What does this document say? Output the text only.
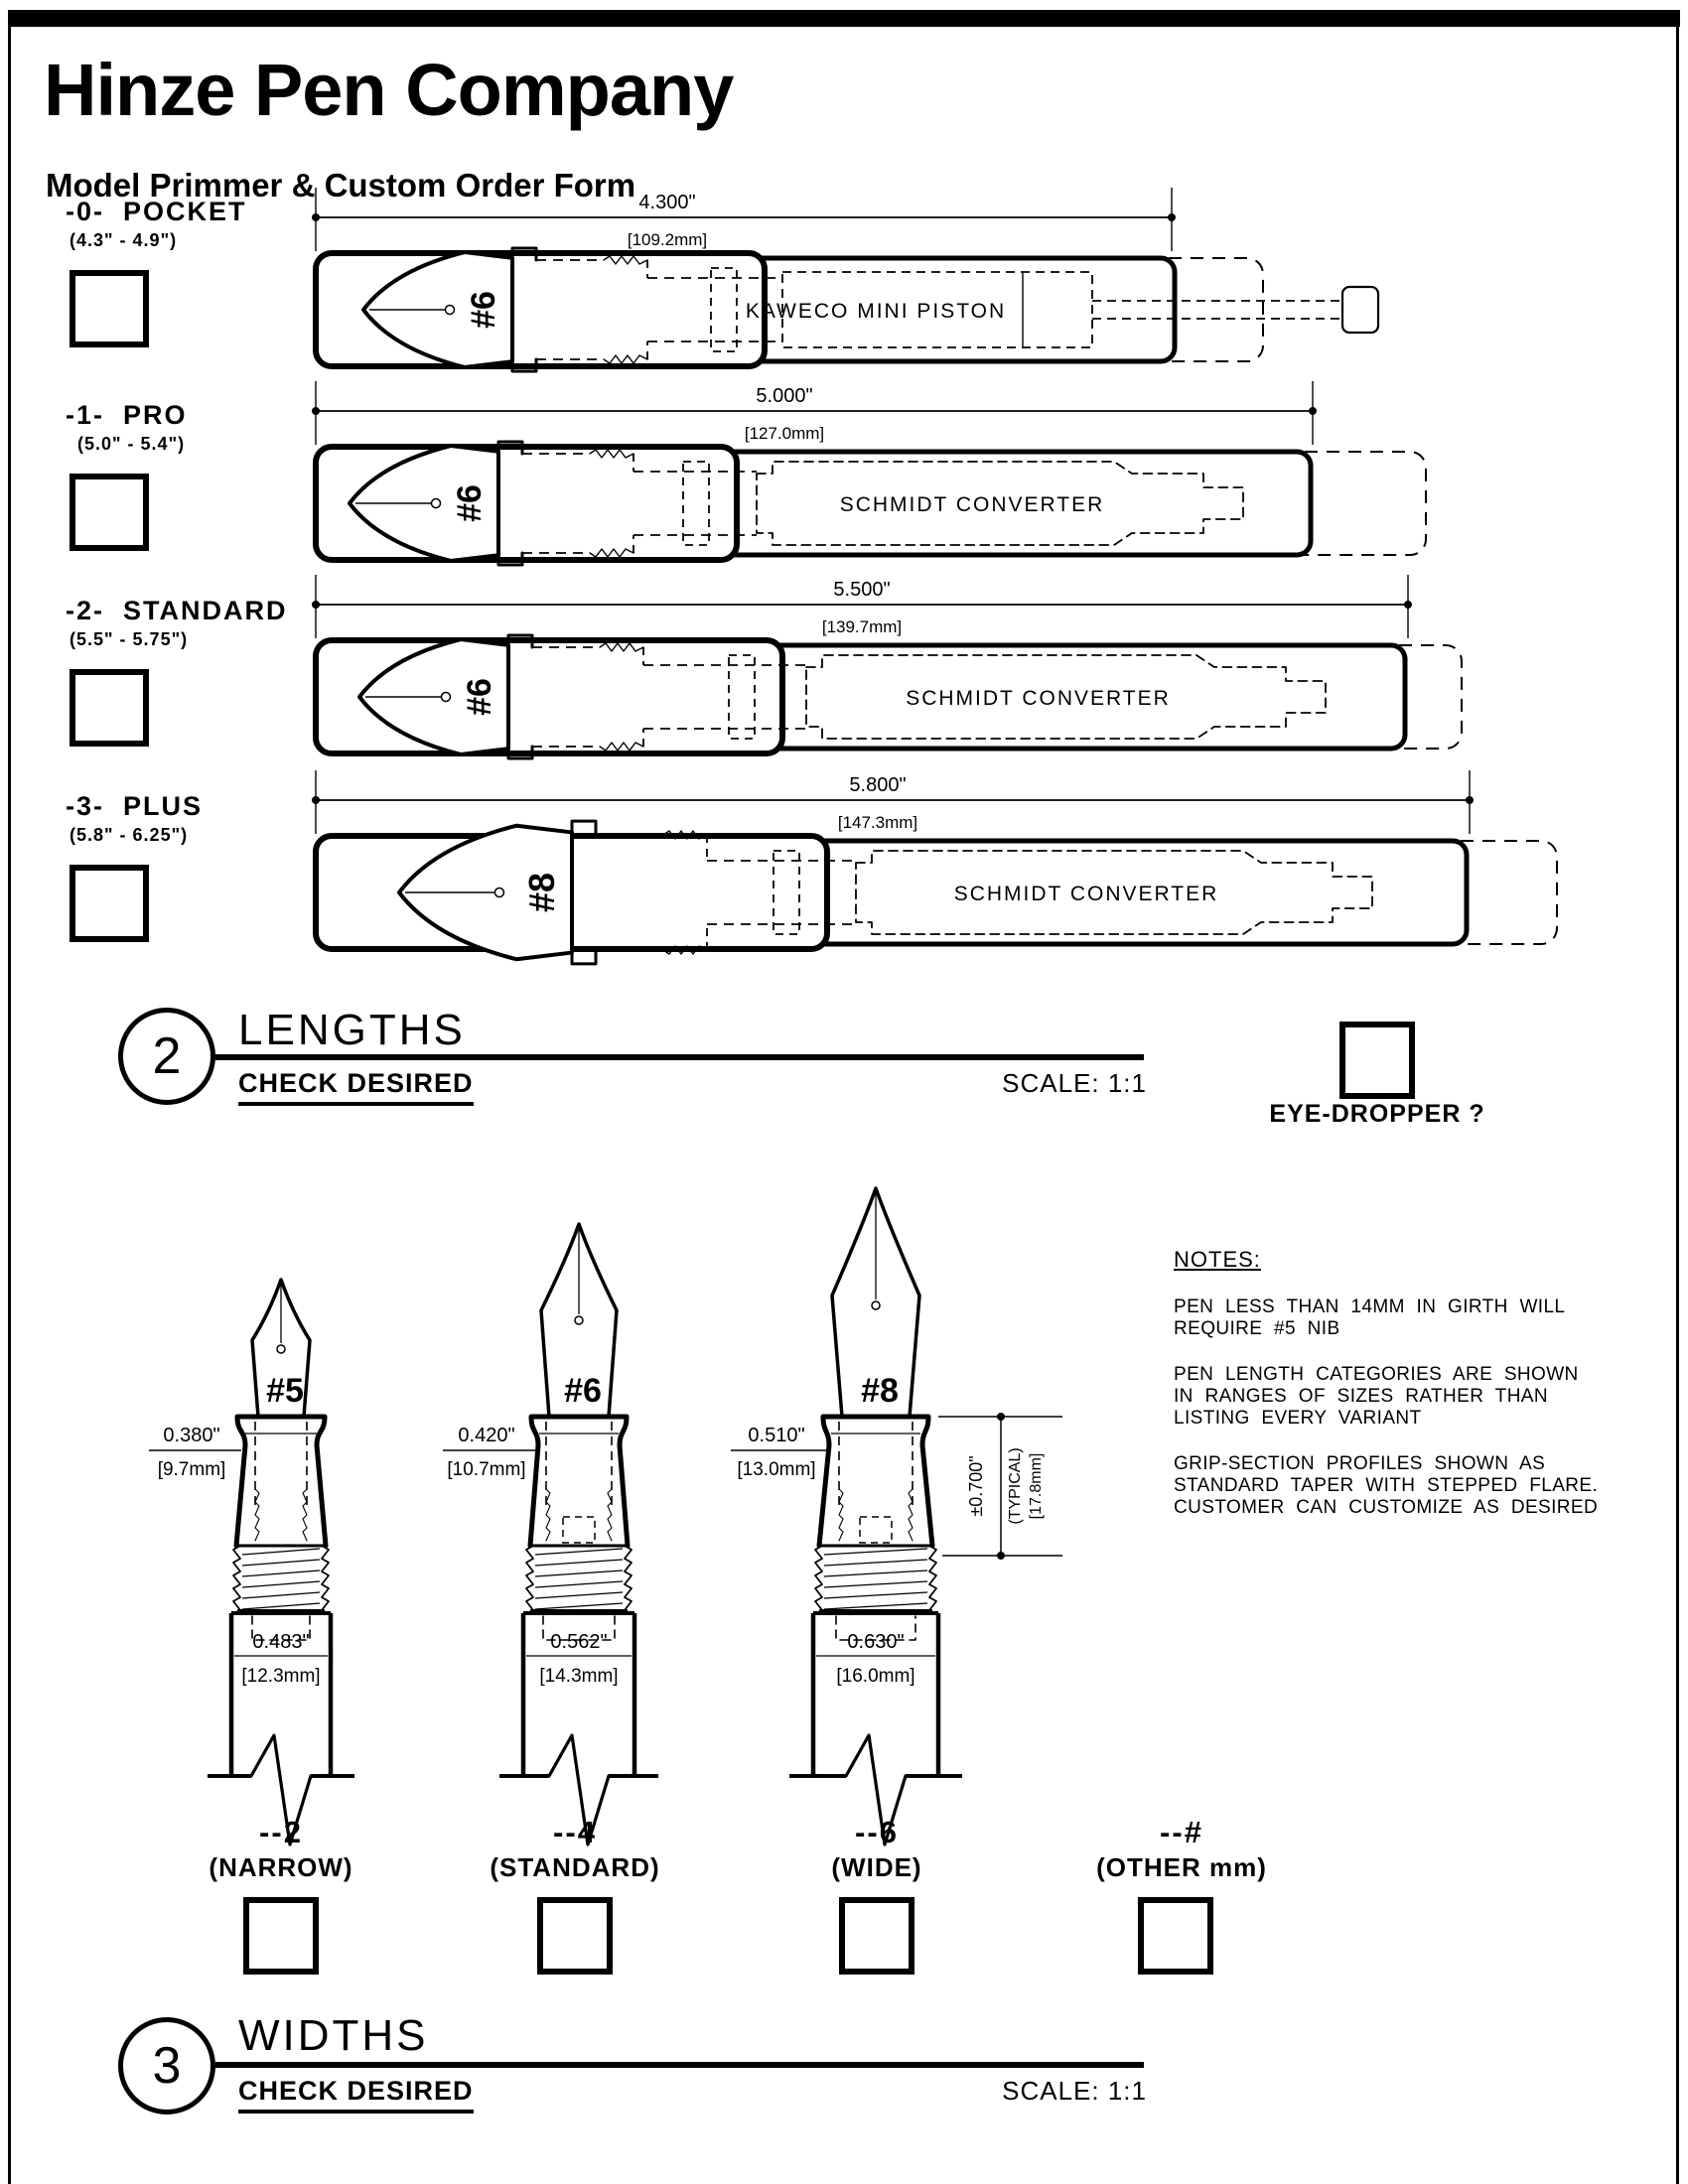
Hinze Pen Company
Model Primmer & Custom Order Form
-0- POCKET
(4.3" - 4.9")
-1- PRO
(5.0" - 5.4")
-2- STANDARD
(5.5" - 5.75")
-3- PLUS
(5.8" - 6.25")
4.300"
[109.2mm]
#6	KAWECO MINI PISTON
5.000"
[127.0mm]
#6	SCHMIDT CONVERTER
5.500"
[139.7mm]
#6	SCHMIDT CONVERTER
5.800"
[147.3mm]
#8	SCHMIDT CONVERTER
#5
0.483"
[12.3mm]
0.380"
[9.7mm]
#6
0.562"
[14.3mm]
0.420"
[10.7mm]
#8
0.630"
[16.0mm]
0.510"
[13.0mm]	±0.700" (TYPICAL) [17.8mm]
2 LENGTHS
CHECK DESIRED	SCALE: 1:1
EYE-DROPPER ?
--2
(NARROW)
--4
(STANDARD)
--6
(WIDE)
--#
(OTHER mm)
3
WIDTHS
CHECK DESIRED	SCALE: 1:1
NOTES:

PEN LESS THAN 14MM IN GIRTH WILL REQUIRE #5 NIB

PEN LENGTH CATEGORIES ARE SHOWN IN RANGES OF SIZES RATHER THAN LISTING EVERY VARIANT

GRIP-SECTION PROFILES SHOWN AS STANDARD TAPER WITH STEPPED FLARE. CUSTOMER CAN CUSTOMIZE AS DESIRED
